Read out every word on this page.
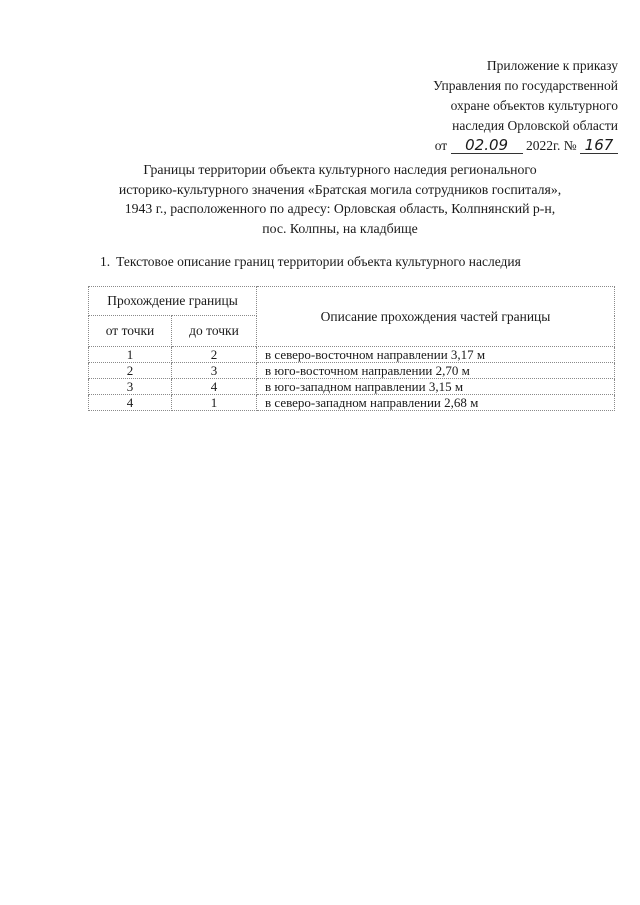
Приложение к приказу
Управления по государственной
охране объектов культурного
наследия Орловской области
от 02.09 2022г. № 167
Границы территории объекта культурного наследия регионального
историко-культурного значения «Братская могила сотрудников госпиталя»,
1943 г., расположенного по адресу: Орловская область, Колпнянский р-н,
пос. Колпны, на кладбище
1. Текстовое описание границ территории объекта культурного наследия
Прохождение границы		Описание прохождения частей границы
от точки	до точки	
1	2	в северо-восточном направлении 3,17 м
2	3	в юго-восточном направлении 2,70 м
3	4	в юго-западном направлении 3,15 м
4	1	в северо-западном направлении 2,68 м
